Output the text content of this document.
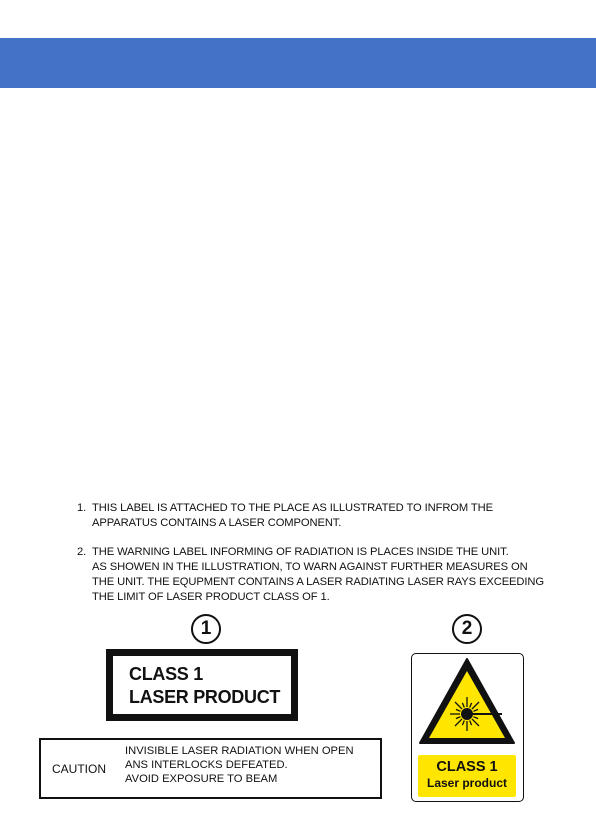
1. THIS LABEL IS ATTACHED TO THE PLACE AS ILLUSTRATED TO INFROM THE
APPARATUS CONTAINS A LASER COMPONENT.
2. THE WARNING LABEL INFORMING OF RADIATION IS PLACES INSIDE THE UNIT.
AS SHOWEN IN THE ILLUSTRATION, TO WARN AGAINST FURTHER MEASURES ON
THE UNIT. THE EQUPMENT CONTAINS A LASER RADIATING LASER RAYS EXCEEDING
THE LIMIT OF LASER PRODUCT CLASS OF 1.
1	2
CLASS 1
LASER PRODUCT
CAUTION
INVISIBLE LASER RADIATION WHEN OPEN
ANS INTERLOCKS DEFEATED.
AVOID EXPOSURE TO BEAM
CLASS 1
Laser product
